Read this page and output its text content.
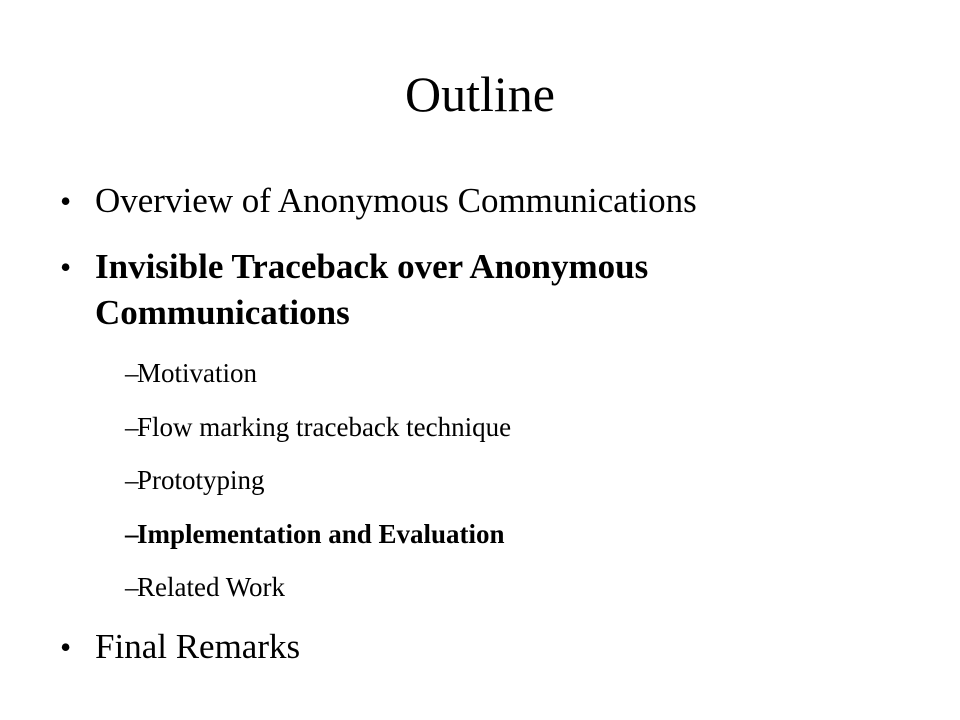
Outline
• Overview of Anonymous Communications
• Invisible Traceback over Anonymous Communications
–
Motivation
–
Flow marking traceback technique
–
Prototyping
–
Implementation and Evaluation
–
Related Work
• Final Remarks
